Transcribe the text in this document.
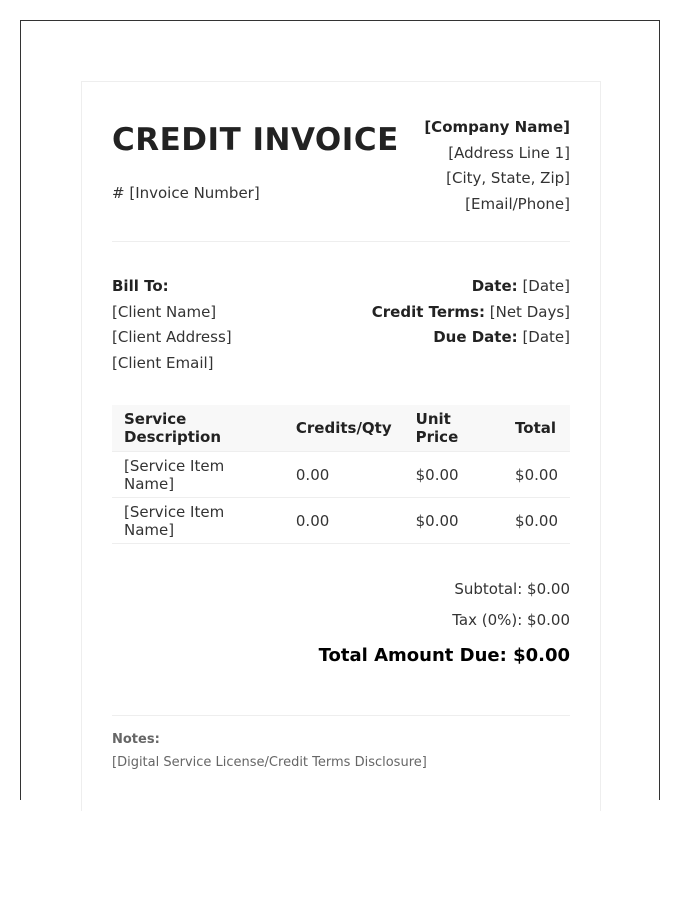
CREDIT INVOICE
# [Invoice Number]
[Company Name]
[Address Line 1]
[City, State, Zip]
[Email/Phone]
Bill To:
[Client Name]
[Client Address]
[Client Email]
Date: [Date]
Credit Terms: [Net Days]
Due Date: [Date]
Service Description	Credits/Qty	Unit Price	Total
[Service Item Name]	0.00	$0.00	$0.00
[Service Item Name]	0.00	$0.00	$0.00
Subtotal: $0.00
Tax (0%): $0.00
Total Amount Due: $0.00
Notes:
[Digital Service License/Credit Terms Disclosure]
